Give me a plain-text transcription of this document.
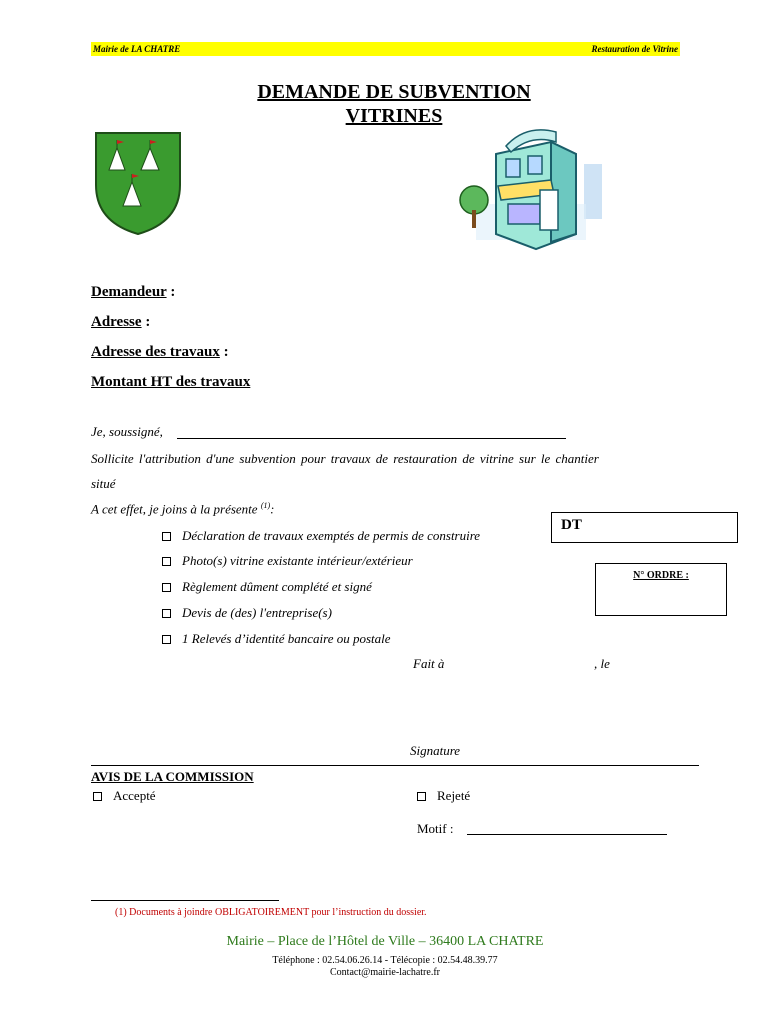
Mairie de LA CHATRE	Restauration de Vitrine
DEMANDE DE SUBVENTION
VITRINES
Demandeur :
Adresse :
Adresse des travaux :
Montant HT des travaux
Je, soussigné,
Sollicite l'attribution d'une subvention pour travaux de restauration de vitrine sur le chantier
situé
A cet effet, je joins à la présente $^{(1)}$:
Déclaration de travaux exemptés de permis de construire
Photo(s) vitrine existante intérieur/extérieur
Règlement dûment complété et signé
Devis de (des) l'entreprise(s)
1 Relevés d’identité bancaire ou postale
DT
N° ORDRE :
Fait à	, le
Signature
AVIS DE LA COMMISSION
Accepté	Rejeté
Motif :
(1) Documents à joindre OBLIGATOIREMENT pour l’instruction du dossier.
Mairie – Place de l’Hôtel de Ville – 36400 LA CHATRE
Téléphone : 02.54.06.26.14 - Télécopie : 02.54.48.39.77
Contact@mairie-lachatre.fr
